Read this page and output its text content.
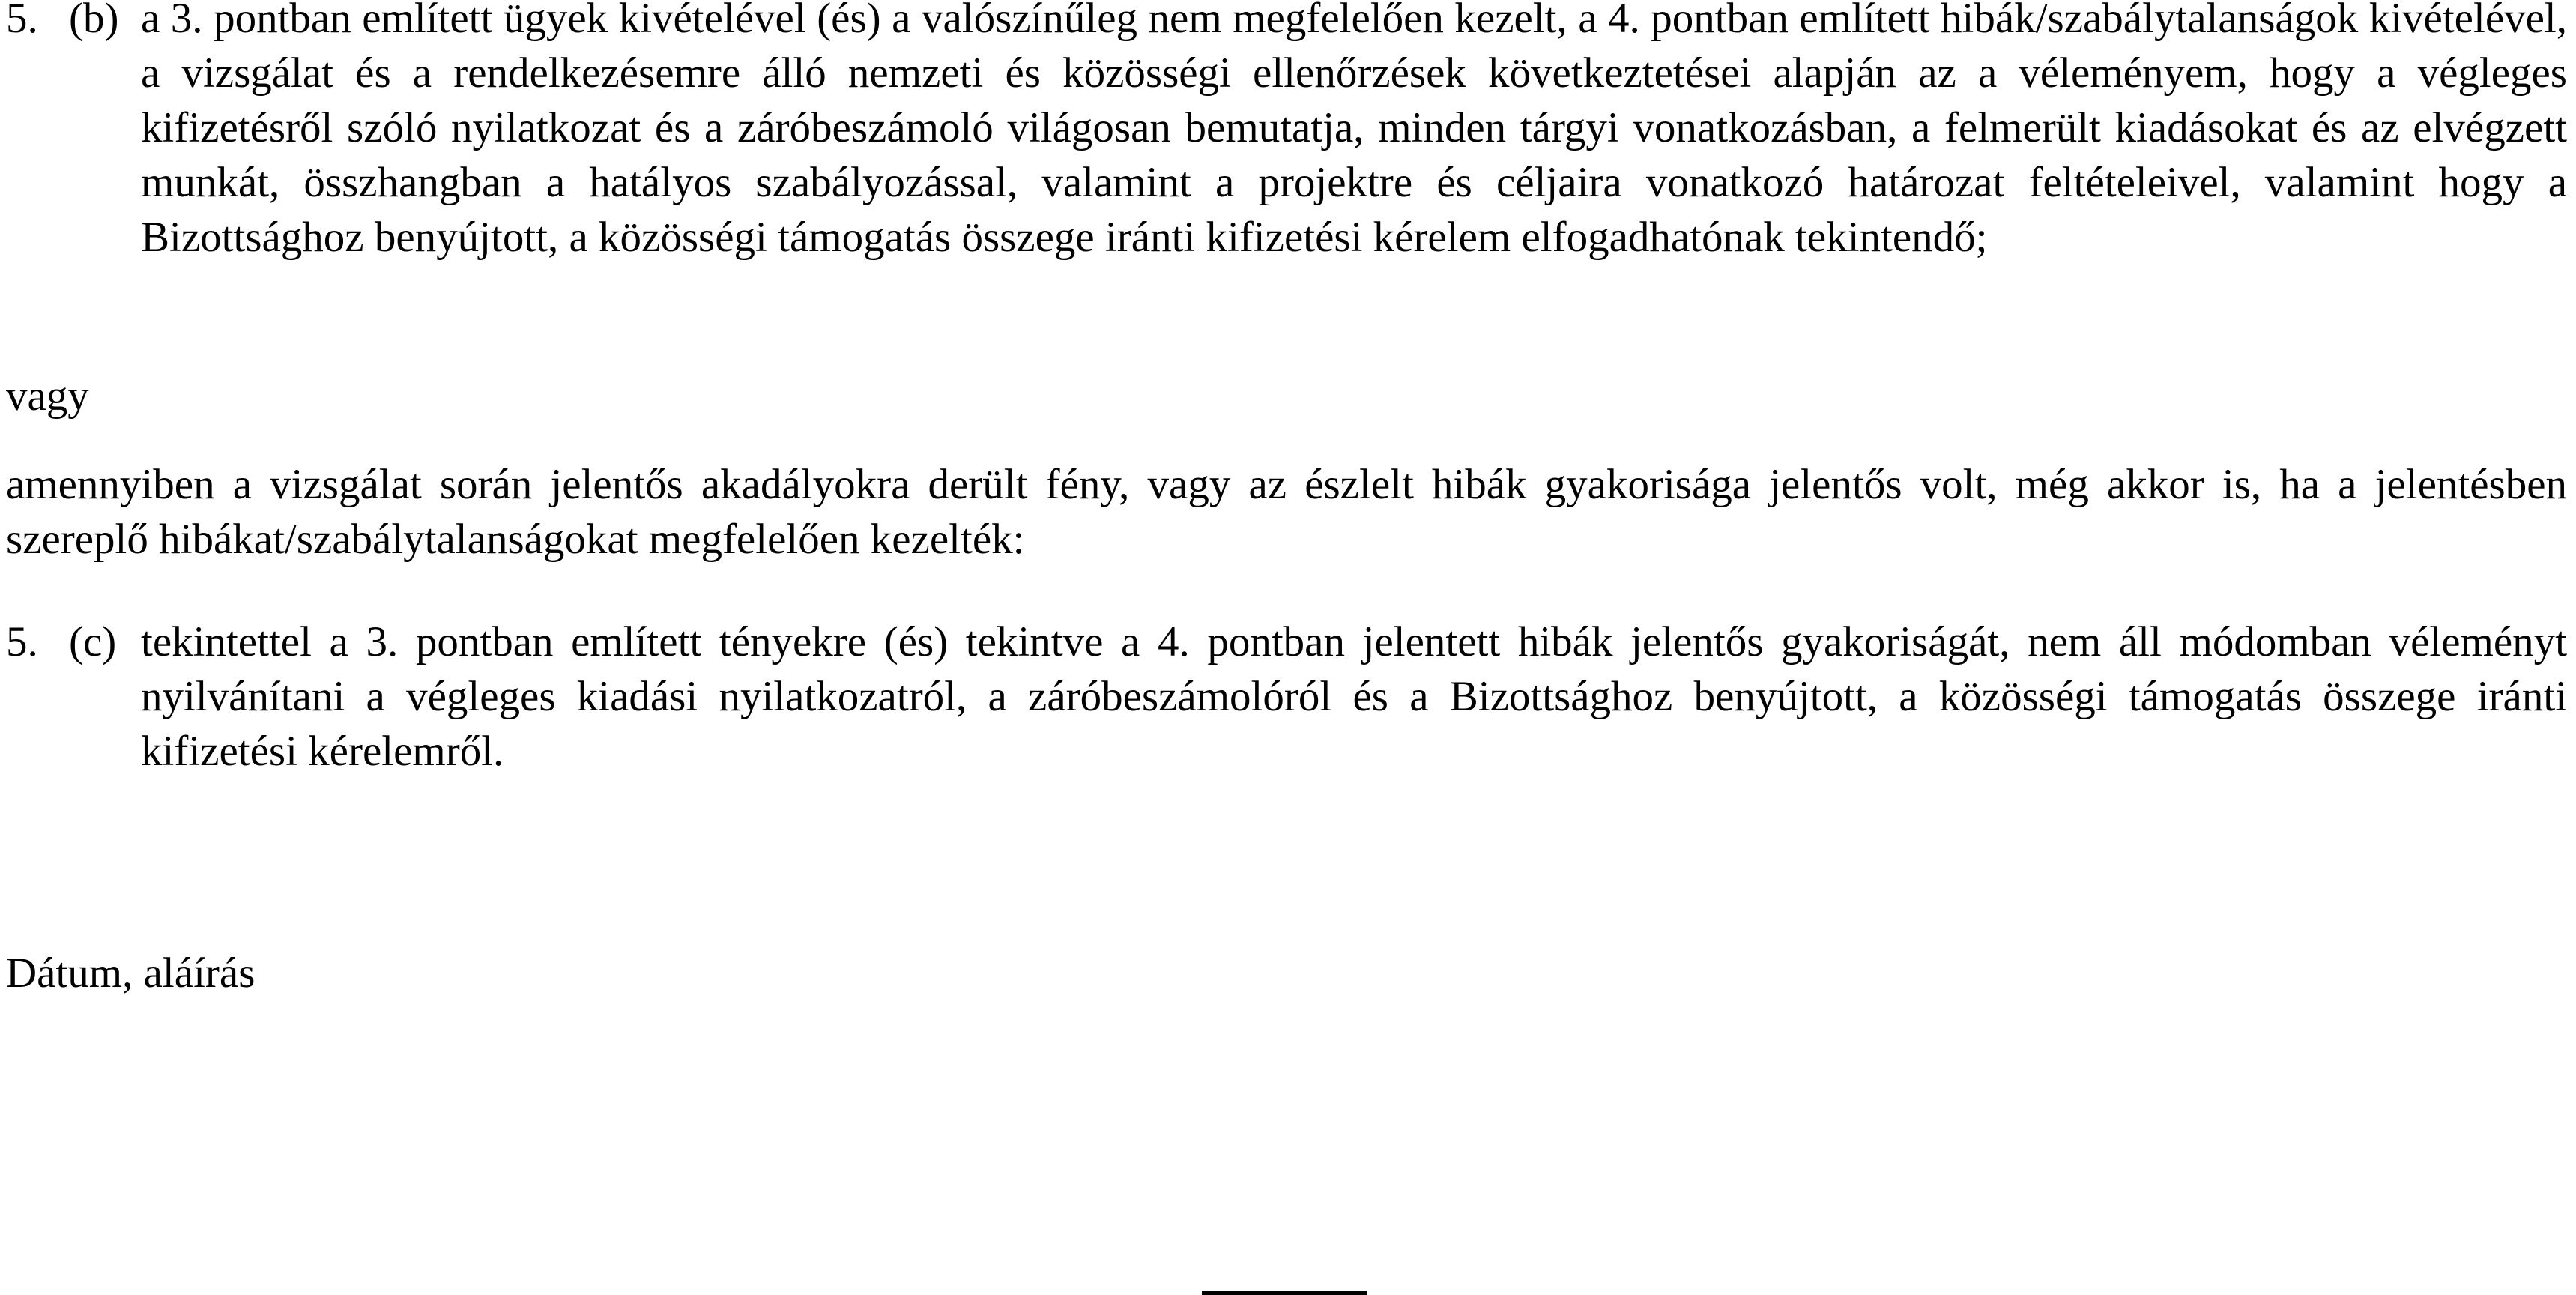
5. (b) a 3. pontban említett ügyek kivételével (és) a valószínűleg nem megfelelően kezelt, a 4. pontban említett hibák/szabálytalanságok kivételével, a vizsgálat és a rendelkezésemre álló nemzeti és közösségi ellenőrzések következtetései alapján az a véleményem, hogy a végleges kifizetésről szóló nyilatkozat és a záróbeszámoló világosan bemutatja, minden tárgyi vonatkozásban, a felmerült kiadásokat és az elvégzett munkát, összhangban a hatályos szabályozással, valamint a projektre és céljaira vonatkozó határozat feltételeivel, valamint hogy a Bizottsághoz benyújtott, a közösségi támogatás összege iránti kifizetési kérelem elfogadhatónak tekintendő;
vagy
amennyiben a vizsgálat során jelentős akadályokra derült fény, vagy az észlelt hibák gyakorisága jelentős volt, még akkor is, ha a jelentésben szereplő hibákat/szabálytalanságokat megfelelően kezelték:
5. (c) tekintettel a 3. pontban említett tényekre (és) tekintve a 4. pontban jelentett hibák jelentős gyakoriságát, nem áll módomban véleményt nyilvánítani a végleges kiadási nyilatkozatról, a záróbeszámolóról és a Bizottsághoz benyújtott, a közösségi támogatás összege iránti kifizetési kérelemről.
Dátum, aláírás
